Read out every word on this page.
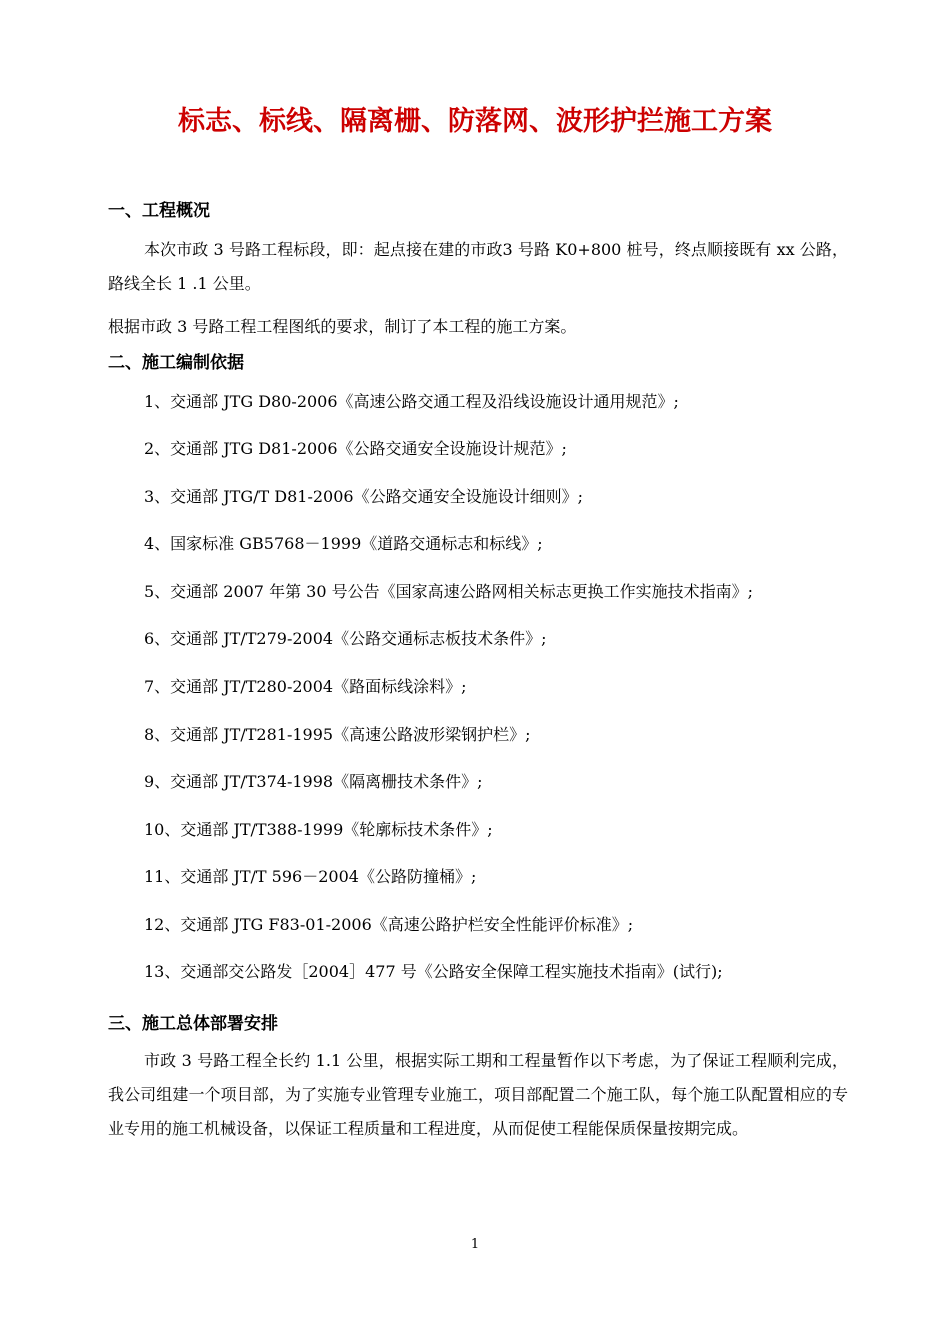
标志、标线、隔离栅、防落网、波形护拦施工方案
一、工程概况
本次市政 3 号路工程标段，即：起点接在建的市政3 号路 K0+800 桩号，终点顺接既有 xx 公路，路线全长 1 .1 公里。
根据市政 3 号路工程工程图纸的要求，制订了本工程的施工方案。
二、施工编制依据
1、交通部 JTG D80-2006《高速公路交通工程及沿线设施设计通用规范》;
2、交通部 JTG D81-2006《公路交通安全设施设计规范》;
3、交通部 JTG/T D81-2006《公路交通安全设施设计细则》;
4、国家标准 GB5768－1999《道路交通标志和标线》;
5、交通部 2007 年第 30 号公告《国家高速公路网相关标志更换工作实施技术指南》;
6、交通部 JT/T279-2004《公路交通标志板技术条件》;
7、交通部 JT/T280-2004《路面标线涂料》;
8、交通部 JT/T281-1995《高速公路波形梁钢护栏》;
9、交通部 JT/T374-1998《隔离栅技术条件》;
10、交通部 JT/T388-1999《轮廓标技术条件》;
11、交通部 JT/T 596－2004《公路防撞桶》;
12、交通部 JTG F83-01-2006《高速公路护栏安全性能评价标准》;
13、交通部交公路发［2004］477 号《公路安全保障工程实施技术指南》(试行);
三、施工总体部署安排
市政 3 号路工程全长约 1.1 公里，根据实际工期和工程量暂作以下考虑，为了保证工程顺利完成，我公司组建一个项目部，为了实施专业管理专业施工，项目部配置二个施工队，每个施工队配置相应的专业专用的施工机械设备，以保证工程质量和工程进度，从而促使工程能保质保量按期完成。
1
